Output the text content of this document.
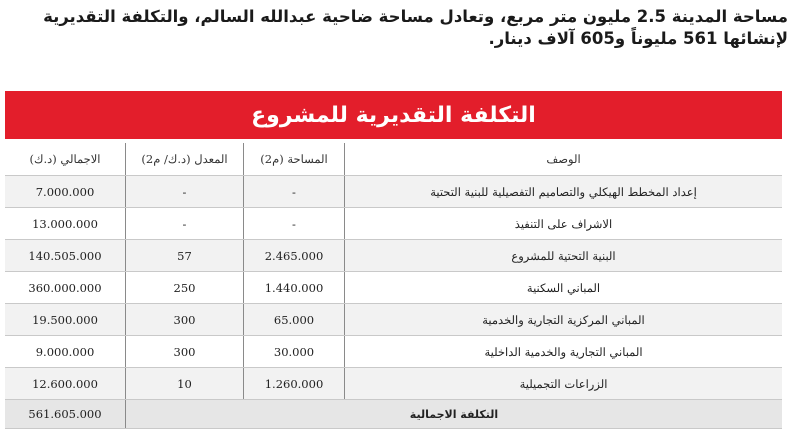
مساحة المدينة 2.5 مليون متر مربع، وتعادل مساحة ضاحية عبدالله السالم، والتكلفة التقديرية
لإنشائها 561 مليوناً و605 آلاف دينار.
التكلفة التقديرية للمشروع
الاجمالي (د.ك)	المعدل (د.ك/ م2)	المساحة (م2)	الوصف
7.000.000	-	-	إعداد المخطط الهيكلي والتصاميم التفصيلية للبنية التحتية
13.000.000	-	-	الاشراف على التنفيذ
140.505.000	57	2.465.000	البنية التحتية للمشروع
360.000.000	250	1.440.000	المباني السكنية
19.500.000	300	65.000	المباني المركزية التجارية والخدمية
9.000.000	300	30.000	المباني التجارية والخدمية الداخلية
12.600.000	10	1.260.000	الزراعات التجميلية
561.605.000	التكلفة الاجمالية		
